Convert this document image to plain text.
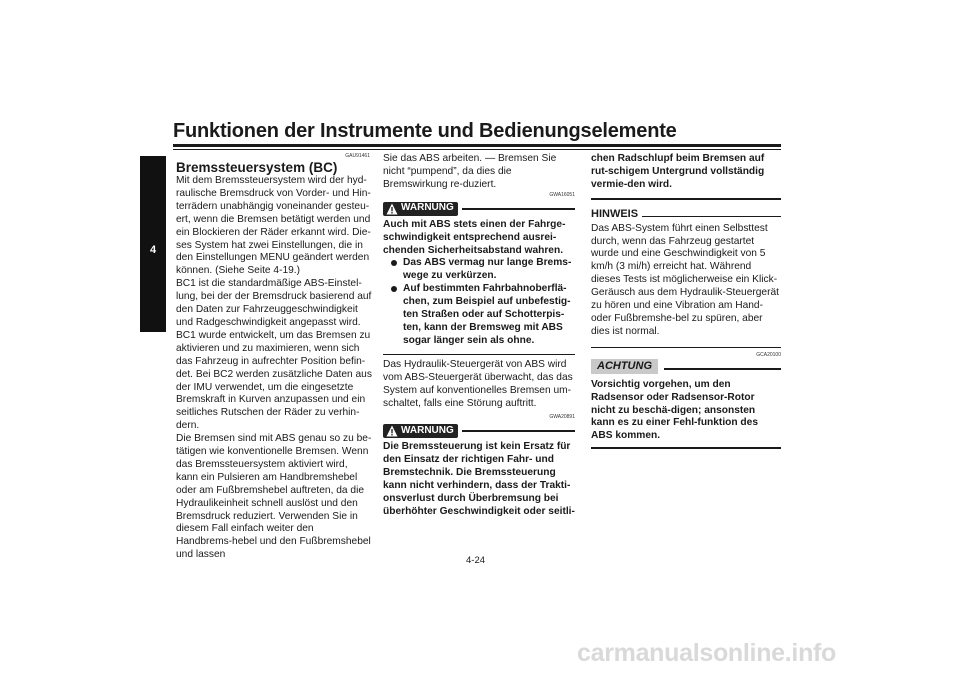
Funktionen der Instrumente und Bedienungselemente
4
GAU91461
Bremssteuersystem (BC)

Mit dem Bremssteuersystem wird der hyd-raulische Bremsdruck von Vorder- und Hin-terrädern unabhängig voneinander gesteu-ert, wenn die Bremsen betätigt werden und ein Blockieren der Räder erkannt wird. Die-ses System hat zwei Einstellungen, die in den Einstellungen MENU geändert werden können. (Siehe Seite 4-19.)

BC1 ist die standardmäßige ABS-Einstel-lung, bei der der Bremsdruck basierend auf den Daten zur Fahrzeuggeschwindigkeit und Radgeschwindigkeit angepasst wird.

BC1 wurde entwickelt, um das Bremsen zu aktivieren und zu maximieren, wenn sich das Fahrzeug in aufrechter Position befin-det. Bei BC2 werden zusätzliche Daten aus der IMU verwendet, um die eingesetzte Bremskraft in Kurven anzupassen und ein seitliches Rutschen der Räder zu verhin-dern.

Die Bremsen sind mit ABS genau so zu be-tätigen wie konventionelle Bremsen. Wenn das Bremssteuersystem aktiviert wird, kann ein Pulsieren am Handbremshebel oder am Fußbremshebel auftreten, da die Hydraulikeinheit schnell auslöst und den Bremsdruck reduziert. Verwenden Sie in diesem Fall einfach weiter den Handbrems-hebel und den Fußbremshebel und lassen

Sie das ABS arbeiten. — Bremsen Sie nicht “pumpend”, da dies die Bremswirkung re-duziert.

GWA16051
WARNUNG

Auch mit ABS stets einen der Fahrge-schwindigkeit entsprechend ausrei-chenden Sicherheitsabstand wahren.

Das ABS vermag nur lange Brems-wege zu verkürzen.
Auf bestimmten Fahrbahnoberflä-chen, zum Beispiel auf unbefestig-ten Straßen oder auf Schotterpis-ten, kann der Bremsweg mit ABS sogar länger sein als ohne.

Das Hydraulik-Steuergerät von ABS wird vom ABS-Steuergerät überwacht, das das System auf konventionelles Bremsen um-schaltet, falls eine Störung auftritt.

GWA20891
WARNUNG

Die Bremssteuerung ist kein Ersatz für den Einsatz der richtigen Fahr- und Bremstechnik. Die Bremssteuerung kann nicht verhindern, dass der Trakti-onsverlust durch Überbremsung bei überhöhter Geschwindigkeit oder seitli-

chen Radschlupf beim Bremsen auf rut-schigem Untergrund vollständig vermie-den wird.

HINWEIS

Das ABS-System führt einen Selbsttest durch, wenn das Fahrzeug gestartet wurde und eine Geschwindigkeit von 5 km/h (3 mi/h) erreicht hat. Während dieses Tests ist möglicherweise ein Klick-Geräusch aus dem Hydraulik-Steuergerät zu hören und eine Vibration am Hand- oder Fußbremshe-bel zu spüren, aber dies ist normal.

GCA20100
ACHTUNG

Vorsichtig vorgehen, um den Radsensor oder Radsensor-Rotor nicht zu beschä-digen; ansonsten kann es zu einer Fehl-funktion des ABS kommen.

4-24
carmanualsonline.info
